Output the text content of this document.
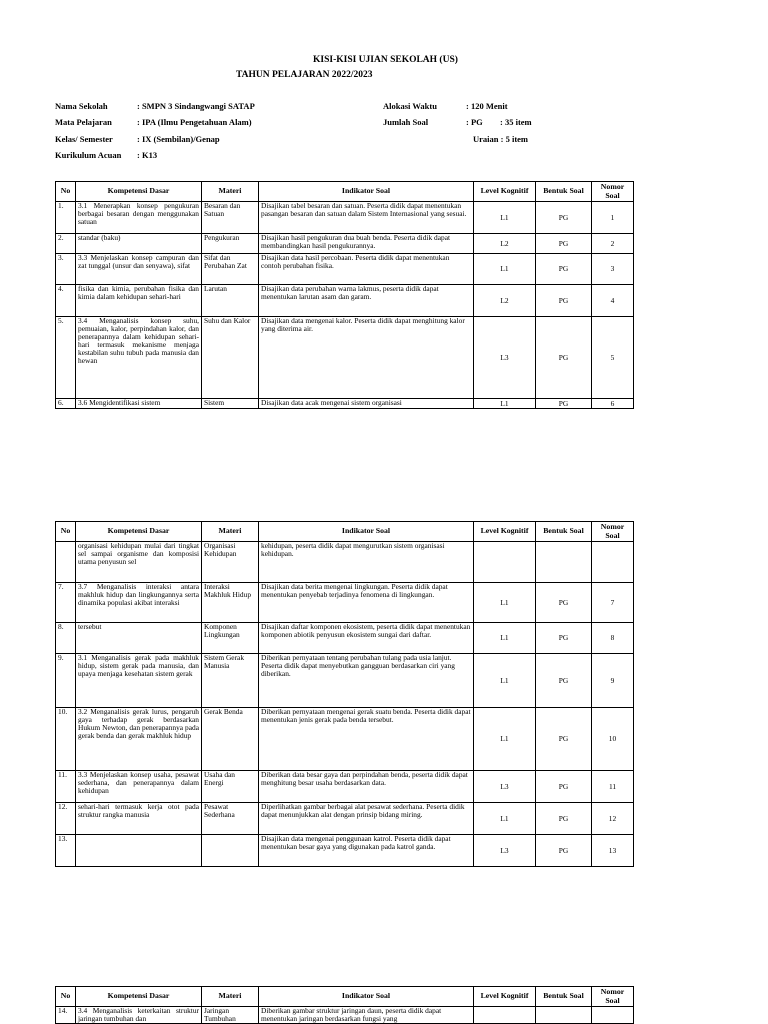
KISI-KISI UJIAN SEKOLAH (US)
TAHUN PELAJARAN 2022/2023
Nama Sekolah	: SMPN 3 Sindangwangi SATAP
Mata Pelajaran	: IPA (Ilmu Pengetahuan Alam)
Kelas/ Semester	: IX (Sembilan)/Genap
Kurikulum Acuan : K13
Alokasi Waktu	: 120 Menit
Jumlah Soal	: PG : 35 item
Uraian : 5 item
No	Kompetensi Dasar	Materi	Indikator Soal	Level Kognitif	Bentuk Soal	Nomor Soal
1.	3.1 Menerapkan konsep pengukuran berbagai besaran dengan menggunakan satuan	Besaran dan Satuan	Disajikan tabel besaran dan satuan. Peserta didik dapat menentukan pasangan besaran dan satuan dalam Sistem Internasional yang sesuai.	L1	PG	1
2.	standar (baku)	Pengukuran	Disajikan hasil pengukuran dua buah benda. Peserta didik dapat membandingkan hasil pengukurannya.	L2	PG	2
3.	3.3 Menjelaskan konsep campuran dan zat tunggal (unsur dan senyawa), sifat	Sifat dan Perubahan Zat	Disajikan data hasil percobaan. Peserta didik dapat menentukan contoh perubahan fisika.	L1	PG	3
4.	fisika dan kimia, perubahan fisika dan kimia dalam kehidupan sehari-hari	Larutan	Disajikan data perubahan warna lakmus, peserta didik dapat menentukan larutan asam dan garam.	L2	PG	4
5.	3.4 Menganalisis konsep suhu, pemuaian, kalor, perpindahan kalor, dan penerapannya dalam kehidupan sehari-hari termasuk mekanisme menjaga kestabilan suhu tubuh pada manusia dan hewan	Suhu dan Kalor	Disajikan data mengenai kalor. Peserta didik dapat menghitung kalor yang diterima air.	L3	PG	5
6.	3.6 Mengidentifikasi sistem	Sistem	Disajikan data acak mengenai sistem organisasi	L1	PG	6
No	Kompetensi Dasar	Materi	Indikator Soal	Level Kognitif	Bentuk Soal	Nomor Soal
	organisasi kehidupan mulai dari tingkat sel sampai organisme dan komposisi utama penyusun sel	Organisasi Kehidupan	kehidupan, peserta didik dapat mengurutkan sistem organisasi kehidupan.			
7.	3.7 Menganalisis interaksi antara makhluk hidup dan lingkungannya serta dinamika populasi akibat interaksi	Interaksi Makhluk Hidup	Disajikan data berita mengenai lingkungan. Peserta didik dapat menentukan penyebab terjadinya fenomena di lingkungan.	L1	PG	7
8.	tersebut	Komponen Lingkungan	Disajikan daftar komponen ekosistem, peserta didik dapat menentukan komponen abiotik penyusun ekosistem sungai dari daftar.	L1	PG	8
9.	3.1 Menganalisis gerak pada makhluk hidup, sistem gerak pada manusia, dan upaya menjaga kesehatan sistem gerak	Sistem Gerak Manusia	Diberikan pernyataan tentang perubahan tulang pada usia lanjut. Peserta didik dapat menyebutkan gangguan berdasarkan ciri yang diberikan.	L1	PG	9
10.	3.2 Menganalisis gerak lurus, pengaruh gaya terhadap gerak berdasarkan Hukum Newton, dan penerapannya pada gerak benda dan gerak makhluk hidup	Gerak Benda	Diberikan pernyataan mengenai gerak suatu benda. Peserta didik dapat menentukan jenis gerak pada benda tersebut.	L1	PG	10
11.	3.3 Menjelaskan konsep usaha, pesawat sederhana, dan penerapannya dalam kehidupan	Usaha dan Energi	Diberikan data besar gaya dan perpindahan benda, peserta didik dapat menghitung besar usaha berdasarkan data.	L3	PG	11
12.	sehari-hari termasuk kerja otot pada struktur rangka manusia	Pesawat Sederhana	Diperlihatkan gambar berbagai alat pesawat sederhana. Peserta didik dapat menunjukkan alat dengan prinsip bidang miring.	L1	PG	12
13.			Disajikan data mengenai penggunaan katrol. Peserta didik dapat menentukan besar gaya yang digunakan pada katrol ganda.	L3	PG	13
No	Kompetensi Dasar	Materi	Indikator Soal	Level Kognitif	Bentuk Soal	Nomor Soal
14.	3.4 Menganalisis keterkaitan struktur jaringan tumbuhan dan	Jaringan Tumbuhan	Diberikan gambar struktur jaringan daun, peserta didik dapat menentukan jaringan berdasarkan fungsi yang			
